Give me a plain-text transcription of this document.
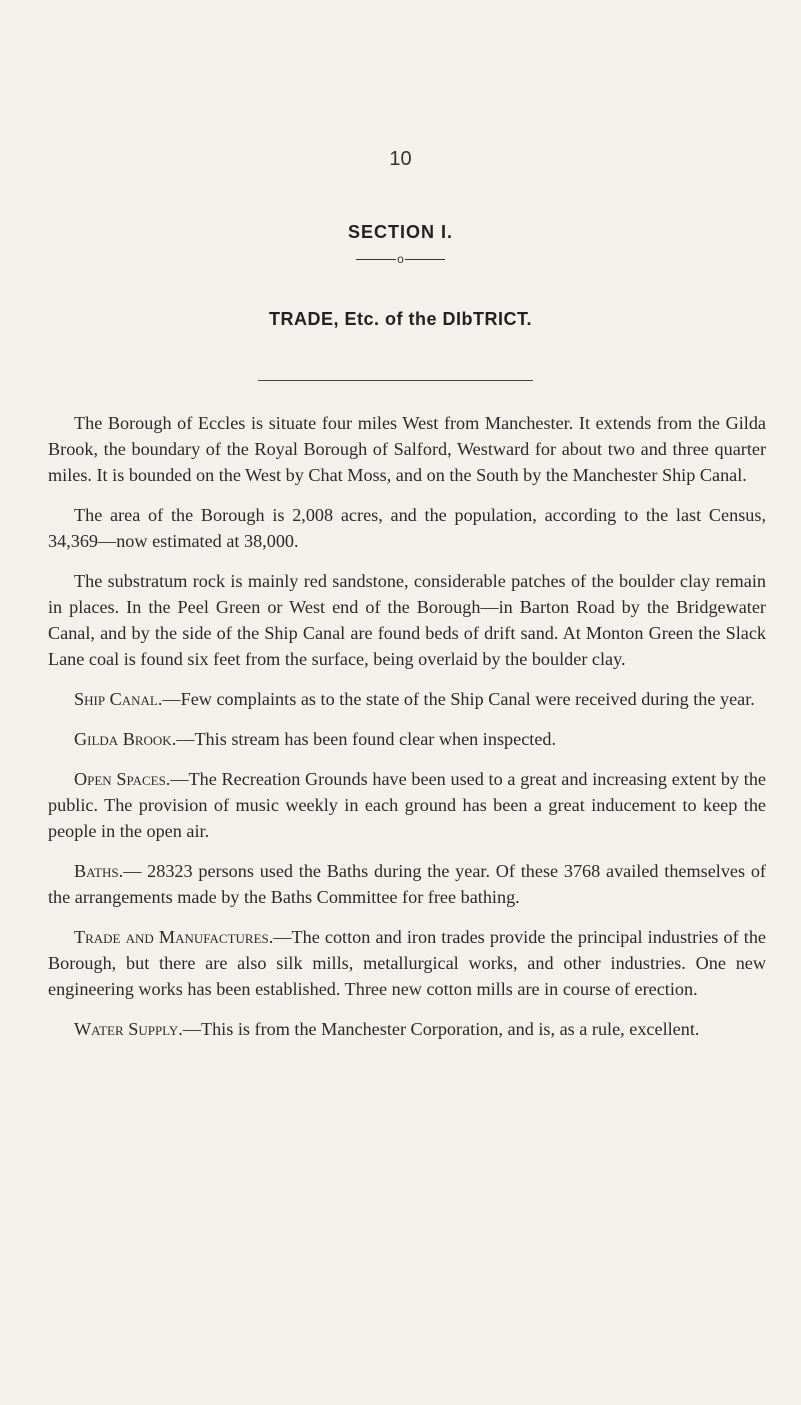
10
SECTION I.
o
TRADE, Etc. of the DIbTRICT.

The Borough of Eccles is situate four miles West from Manchester. It extends from the Gilda Brook, the boundary of the Royal Borough of Salford, Westward for about two and three quarter miles. It is bounded on the West by Chat Moss, and on the South by the Manchester Ship Canal.

The area of the Borough is 2,008 acres, and the population, according to the last Census, 34,369—now estimated at 38,000.

The substratum rock is mainly red sandstone, considerable patches of the boulder clay remain in places. In the Peel Green or West end of the Borough—in Barton Road by the Bridgewater Canal, and by the side of the Ship Canal are found beds of drift sand. At Monton Green the Slack Lane coal is found six feet from the surface, being overlaid by the boulder clay.

Ship Canal.—Few complaints as to the state of the Ship Canal were received during the year.

Gilda Brook.—This stream has been found clear when inspected.

Open Spaces.—The Recreation Grounds have been used to a great and increasing extent by the public. The provision of music weekly in each ground has been a great inducement to keep the people in the open air.

Baths.— 28323 persons used the Baths during the year. Of these 3768 availed themselves of the arrangements made by the Baths Committee for free bathing.

Trade and Manufactures.—The cotton and iron trades provide the principal industries of the Borough, but there are also silk mills, metallurgical works, and other industries. One new engineering works has been established. Three new cotton mills are in course of erection.

Water Supply.—This is from the Manchester Corporation, and is, as a rule, excellent.
